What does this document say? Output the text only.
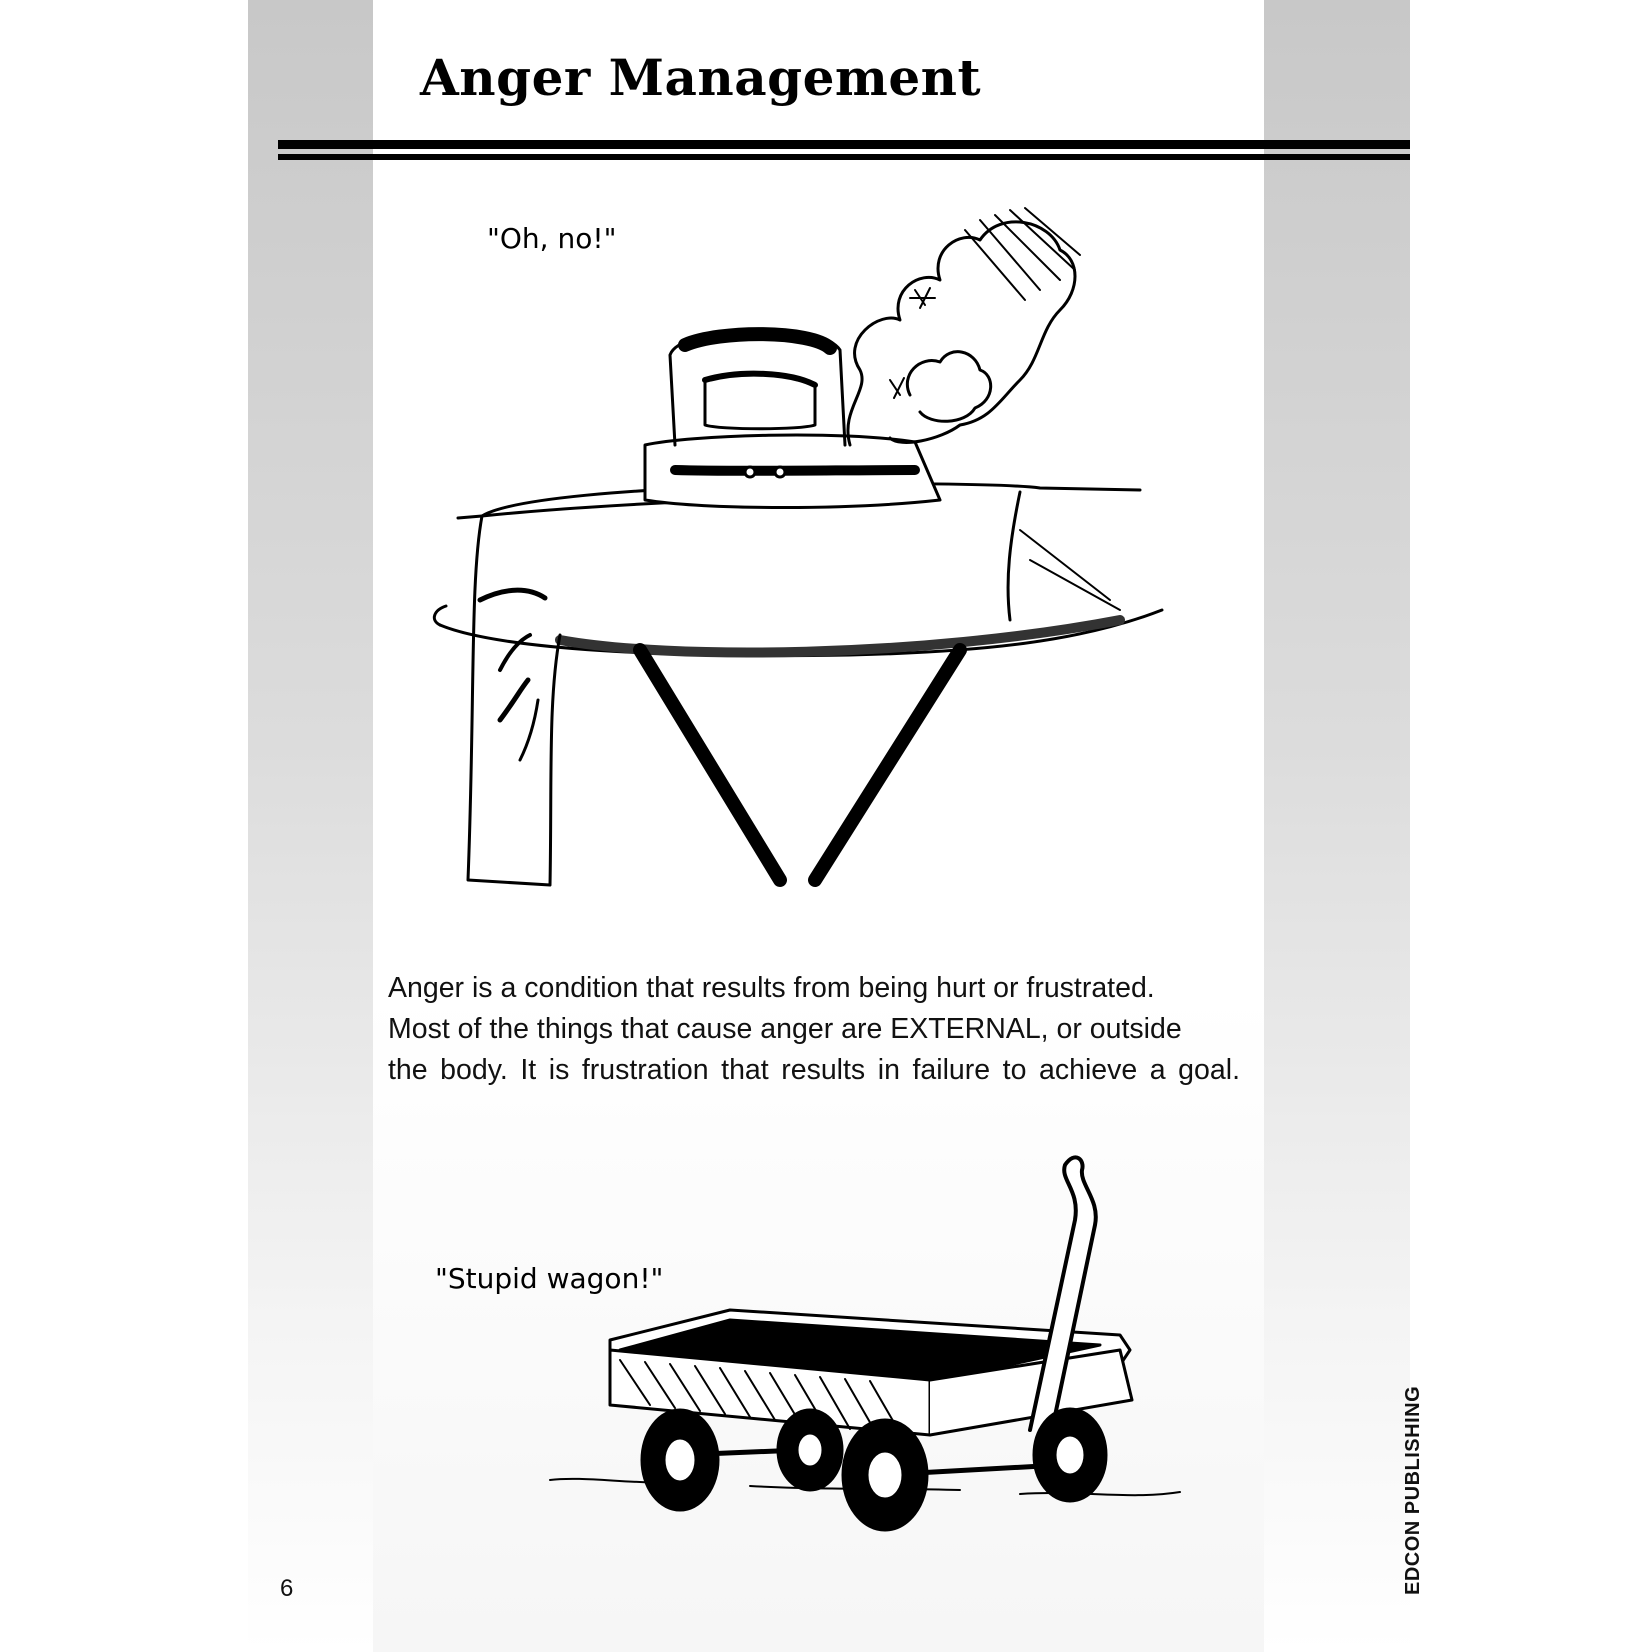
Anger Management
"Oh, no!"
Anger is a condition that results from being hurt or frustrated.
Most of the things that cause anger are EXTERNAL, or outside
the body. It is frustration that results in failure to achieve a goal.
"Stupid wagon!"
6	EDCON PUBLISHING
